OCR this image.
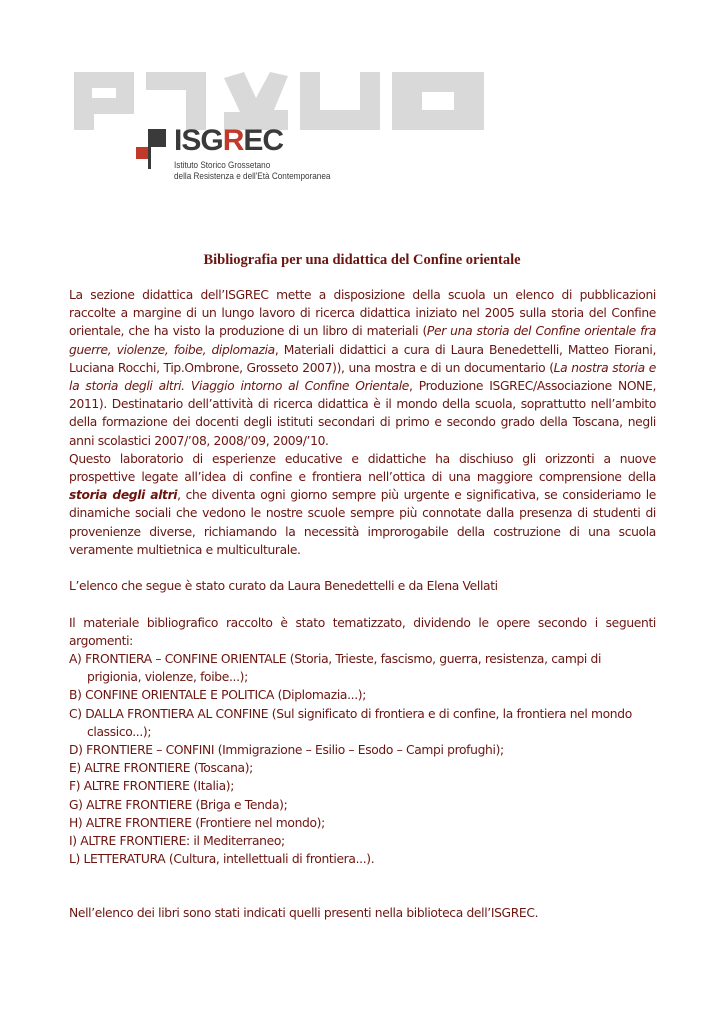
ISGREC
Istituto Storico Grossetano
della Resistenza e dell'Età Contemporanea
Bibliografia per una didattica del Confine orientale

La sezione didattica dell’ISGREC mette a disposizione della scuola un elenco di pubblicazioni raccolte a margine di un lungo lavoro di ricerca didattica iniziato nel 2005 sulla storia del Confine orientale, che ha visto la produzione di un libro di materiali (Per una storia del Confine orientale fra guerre, violenze, foibe, diplomazia, Materiali didattici a cura di Laura Benedettelli, Matteo Fiorani, Luciana Rocchi, Tip.Ombrone, Grosseto 2007)), una mostra e di un documentario (La nostra storia e la storia degli altri. Viaggio intorno al Confine Orientale, Produzione ISGREC/Associazione NONE, 2011). Destinatario dell’attività di ricerca didattica è il mondo della scuola, soprattutto nell’ambito della formazione dei docenti degli istituti secondari di primo e secondo grado della Toscana, negli anni scolastici 2007/’08, 2008/’09, 2009/’10.

Questo laboratorio di esperienze educative e didattiche ha dischiuso gli orizzonti a nuove prospettive legate all’idea di confine e frontiera nell’ottica di una maggiore comprensione della storia degli altri, che diventa ogni giorno sempre più urgente e significativa, se consideriamo le dinamiche sociali che vedono le nostre scuole sempre più connotate dalla presenza di studenti di provenienze diverse, richiamando la necessità improrogabile della costruzione di una scuola veramente multietnica e multiculturale.

L’elenco che segue è stato curato da Laura Benedettelli e da Elena Vellati

Il materiale bibliografico raccolto è stato tematizzato, dividendo le opere secondo i seguenti argomenti:

A) FRONTIERA – CONFINE ORIENTALE (Storia, Trieste, fascismo, guerra, resistenza, campi di prigionia, violenze, foibe...);

B) CONFINE ORIENTALE E POLITICA (Diplomazia...);

C) DALLA FRONTIERA AL CONFINE (Sul significato di frontiera e di confine, la frontiera nel mondo classico...);

D) FRONTIERE – CONFINI (Immigrazione – Esilio – Esodo – Campi profughi);

E) ALTRE FRONTIERE (Toscana);

F) ALTRE FRONTIERE (Italia);

G) ALTRE FRONTIERE (Briga e Tenda);

H) ALTRE FRONTIERE (Frontiere nel mondo);

I) ALTRE FRONTIERE: il Mediterraneo;

L) LETTERATURA (Cultura, intellettuali di frontiera...).

Nell’elenco dei libri sono stati indicati quelli presenti nella biblioteca dell’ISGREC.
